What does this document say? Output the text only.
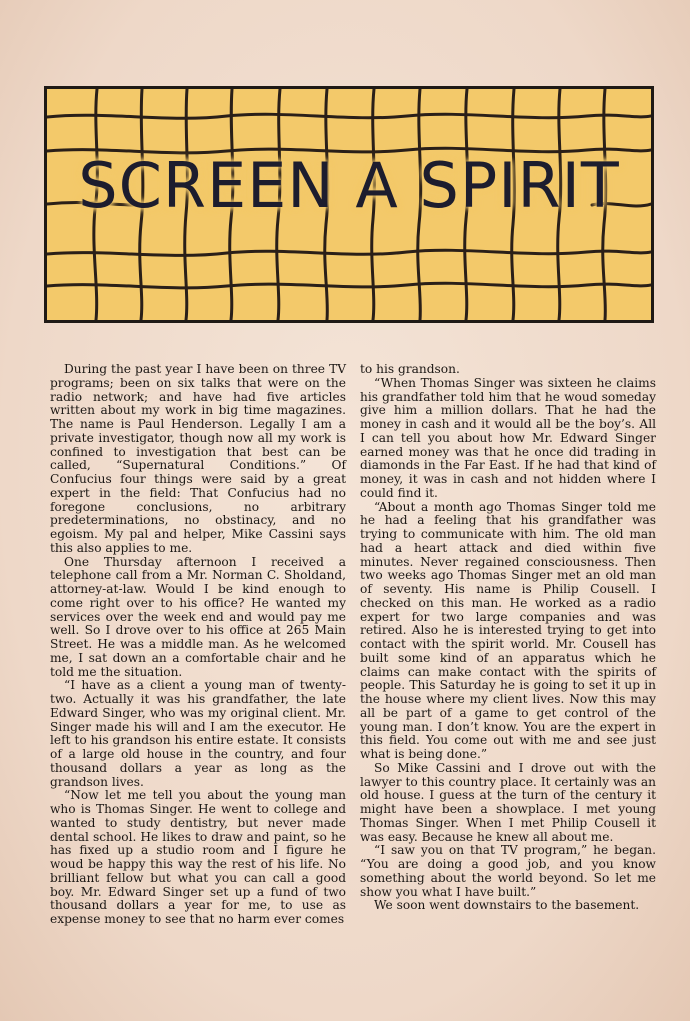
SCREEN A SPIRIT

During the past year I have been on three TV programs; been on six talks that were on the radio network; and have had five articles written about my work in big time magazines. The name is Paul Henderson. Legally I am a private investigator, though now all my work is confined to investigation that best can be called, “Supernatural Conditions.” Of Confucius four things were said by a great expert in the field: That Confucius had no foregone conclusions, no arbitrary predeterminations, no obstinacy, and no egoism. My pal and helper, Mike Cassini says this also applies to me.

One Thursday afternoon I received a telephone call from a Mr. Norman C. Sholdand, attorney-at-law. Would I be kind enough to come right over to his office? He wanted my services over the week end and would pay me well. So I drove over to his office at 265 Main Street. He was a middle man. As he welcomed me, I sat down an a comfortable chair and he told me the situation.

“I have as a client a young man of twenty-two. Actually it was his grandfather, the late Edward Singer, who was my original client. Mr. Singer made his will and I am the executor. He left to his grandson his entire estate. It consists of a large old house in the country, and four thousand dollars a year as long as the grandson lives.

“Now let me tell you about the young man who is Thomas Singer. He went to college and wanted to study dentistry, but never made dental school. He likes to draw and paint, so he has fixed up a studio room and I figure he woud be happy this way the rest of his life. No brilliant fellow but what you can call a good boy. Mr. Edward Singer set up a fund of two thousand dollars a year for me, to use as expense money to see that no harm ever comes

to his grandson.

“When Thomas Singer was sixteen he claims his grandfather told him that he woud someday give him a million dollars. That he had the money in cash and it would all be the boy’s. All I can tell you about how Mr. Edward Singer earned money was that he once did trading in diamonds in the Far East. If he had that kind of money, it was in cash and not hidden where I could find it.

“About a month ago Thomas Singer told me he had a feeling that his grandfather was trying to communicate with him. The old man had a heart attack and died within five minutes. Never regained consciousness. Then two weeks ago Thomas Singer met an old man of seventy. His name is Philip Cousell. I checked on this man. He worked as a radio expert for two large companies and was retired. Also he is interested trying to get into contact with the spirit world. Mr. Cousell has built some kind of an apparatus which he claims can make contact with the spirits of people. This Saturday he is going to set it up in the house where my client lives. Now this may all be part of a game to get control of the young man. I don’t know. You are the expert in this field. You come out with me and see just what is being done.”

So Mike Cassini and I drove out with the lawyer to this country place. It certainly was an old house. I guess at the turn of the century it might have been a showplace. I met young Thomas Singer. When I met Philip Cousell it was easy. Because he knew all about me.

“I saw you on that TV program,” he began. “You are doing a good job, and you know something about the world beyond. So let me show you what I have built.”

We soon went downstairs to the basement.
